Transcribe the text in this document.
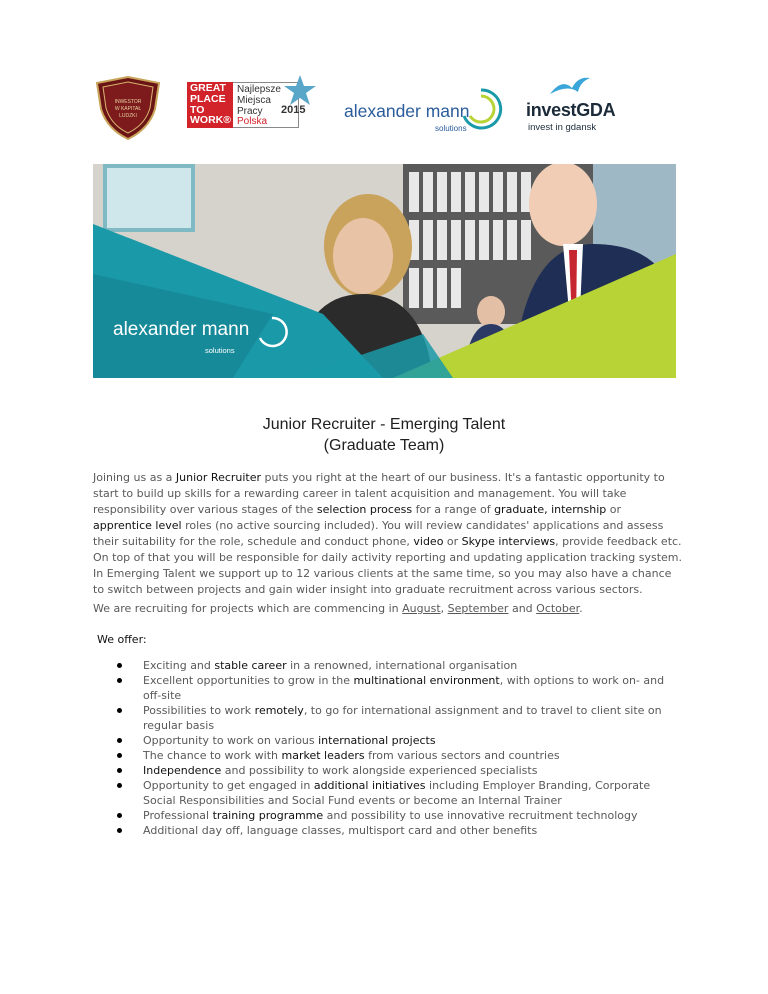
INWESTOR
W KAPITAŁ
LUDZKI
GREAT
PLACE
TO
WORK®
Najlepsze
Miejsca
Pracy	2015
Polska
alexander mann
solutions
investGDA
invest in gdansk
alexander mann
solutions
Junior Recruiter - Emerging Talent
(Graduate Team)
Joining us as a Junior Recruiter puts you right at the heart of our business. It's a fantastic opportunity to start to build up skills for a rewarding career in talent acquisition and management. You will take responsibility over various stages of the selection process for a range of graduate, internship or apprentice level roles (no active sourcing included). You will review candidates' applications and assess their suitability for the role, schedule and conduct phone, video or Skype interviews, provide feedback etc. On top of that you will be responsible for daily activity reporting and updating application tracking system.
In Emerging Talent we support up to 12 various clients at the same time, so you may also have a chance to switch between projects and gain wider insight into graduate recruitment across various sectors.
We are recruiting for projects which are commencing in August, September and October.
We offer:
Exciting and stable career in a renowned, international organisation
Excellent opportunities to grow in the multinational environment, with options to work on- and off-site
Possibilities to work remotely, to go for international assignment and to travel to client site on regular basis
Opportunity to work on various international projects
The chance to work with market leaders from various sectors and countries
Independence and possibility to work alongside experienced specialists
Opportunity to get engaged in additional initiatives including Employer Branding, Corporate Social Responsibilities and Social Fund events or become an Internal Trainer
Professional training programme and possibility to use innovative recruitment technology
Additional day off, language classes, multisport card and other benefits
